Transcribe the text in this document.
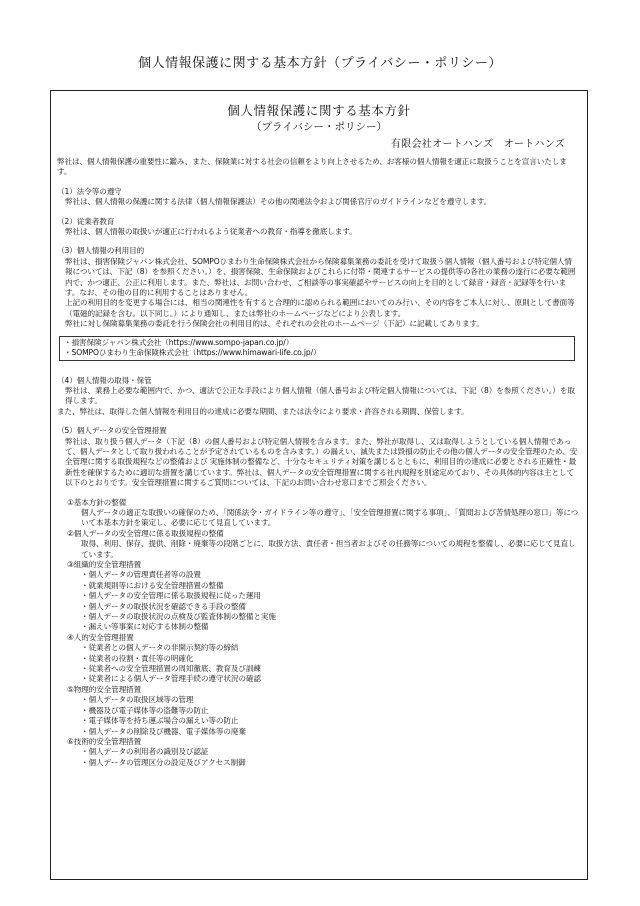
個人情報保護に関する基本方針（プライバシー・ポリシー）
個人情報保護に関する基本方針
（プライバシー・ポリシー）
有限会社オートハンズ　オートハンズ

弊社は、個人情報保護の重要性に鑑み、また、保険業に対する社会の信頼をより向上させるため、お客様の個人情報を適正に取扱うことを宣言いたします。

（1）法令等の遵守

弊社は、個人情報の保護に関する法律（個人情報保護法）その他の関連法令および関係官庁のガイドラインなどを遵守します。

（2）従業者教育

弊社は、個人情報の取扱いが適正に行われるよう従業者への教育・指導を徹底します。

（3）個人情報の利用目的

弊社は、損害保険ジャパン株式会社、SOMPOひまわり生命保険株式会社から保険募集業務の委託を受けて取扱う個人情報（個人番号および特定個人情報については、下記（8）を参照ください。）を、損害保険、生命保険およびこれらに付帯・関連するサービスの提供等の各社の業務の遂行に必要な範囲内で、かつ適正、公正に利用します。また、弊社は、お問い合わせ、ご相談等の事実確認やサービスの向上を目的として録音・録音・記録等を行います。なお、その他の目的に利用することはありません。

上記の利用目的を変更する場合には、相当の関連性を有すると合理的に認められる範囲においてのみ行い、その内容をご本人に対し、原則として書面等（電磁的記録を含む。以下同じ。）により通知し、または弊社のホームページなどにより公表します。

弊社に対し保険募集業務の委託を行う保険会社の利用目的は、それぞれの会社のホームページ（下記）に記載してあります。

・損害保険ジャパン株式会社（https://www.sompo-japan.co.jp/）
・SOMPOひまわり生命保険株式会社（https://www.himawari-life.co.jp/）

（4）個人情報の取得・保管

弊社は、業務上必要な範囲内で、かつ、適法で公正な手段により個人情報（個人番号および特定個人情報については、下記（8）を参照ください。）を取得します。

また、弊社は、取得した個人情報を利用目的の達成に必要な期間、または法令により要求・許容される期間、保管します。

（5）個人データの安全管理措置

弊社は、取り扱う個人データ（下記（8）の個人番号および特定個人情報を含みます。また、弊社が取得し、又は取得しようとしている個人情報であって、個人データとして取り扱われることが予定されているものを含みます。）の漏えい、滅失または毀損の防止その他の個人データの安全管理のため、安全管理に関する取扱規程などの整備および 実施体制の整備など、十分なセキュリティ対策を講じるとともに、利用目的の達成に必要とされる正確性・最新性を確保するために適切な措置を講じています。弊社は、個人データの安全管理措置に関する社内規程を別途定めており、その具体的内容は主として以下のとおりです。安全管理措置に関するご質問については、下記のお問い合わせ窓口までご照会ください。

①基本方針の整備

個人データの適正な取扱いの確保のため、「関係法令・ガイドライン等の遵守」、「安全管理措置に関する事項」、「質問および苦情処理の窓口」等について本基本方針を策定し、必要に応じて見直しています。

②個人データの安全管理に係る取扱規程の整備

取得、利用、保存、提供、削除・廃棄等の段階ごとに、取扱方法、責任者・担当者およびその任務等についての規程を整備し、必要に応じて見直しています。

③組織的安全管理措置

・個人データの管理責任者等の設置
・就業規則等における安全管理措置の整備
・個人データの安全管理に係る取扱規程に従った運用
・個人データの取扱状況を確認できる手段の整備
・個人データの取扱状況の点検及び監査体制の整備と実施
・漏えい等事案に対応する体制の整備

④人的安全管理措置

・従業者との個人データの非開示契約等の締結
・従業者の役割・責任等の明確化
・従業者への安全管理措置の周知徹底、教育及び訓練
・従業者による個人データ管理手続の遵守状況の確認

⑤物理的安全管理措置

・個人データの取扱区域等の管理
・機器及び電子媒体等の盗難等の防止
・電子媒体等を持ち運ぶ場合の漏えい等の防止
・個人データの削除及び機器、電子媒体等の廃棄

⑥技術的安全管理措置

・個人データの利用者の識別及び認証
・個人データの管理区分の設定及びアクセス制御
